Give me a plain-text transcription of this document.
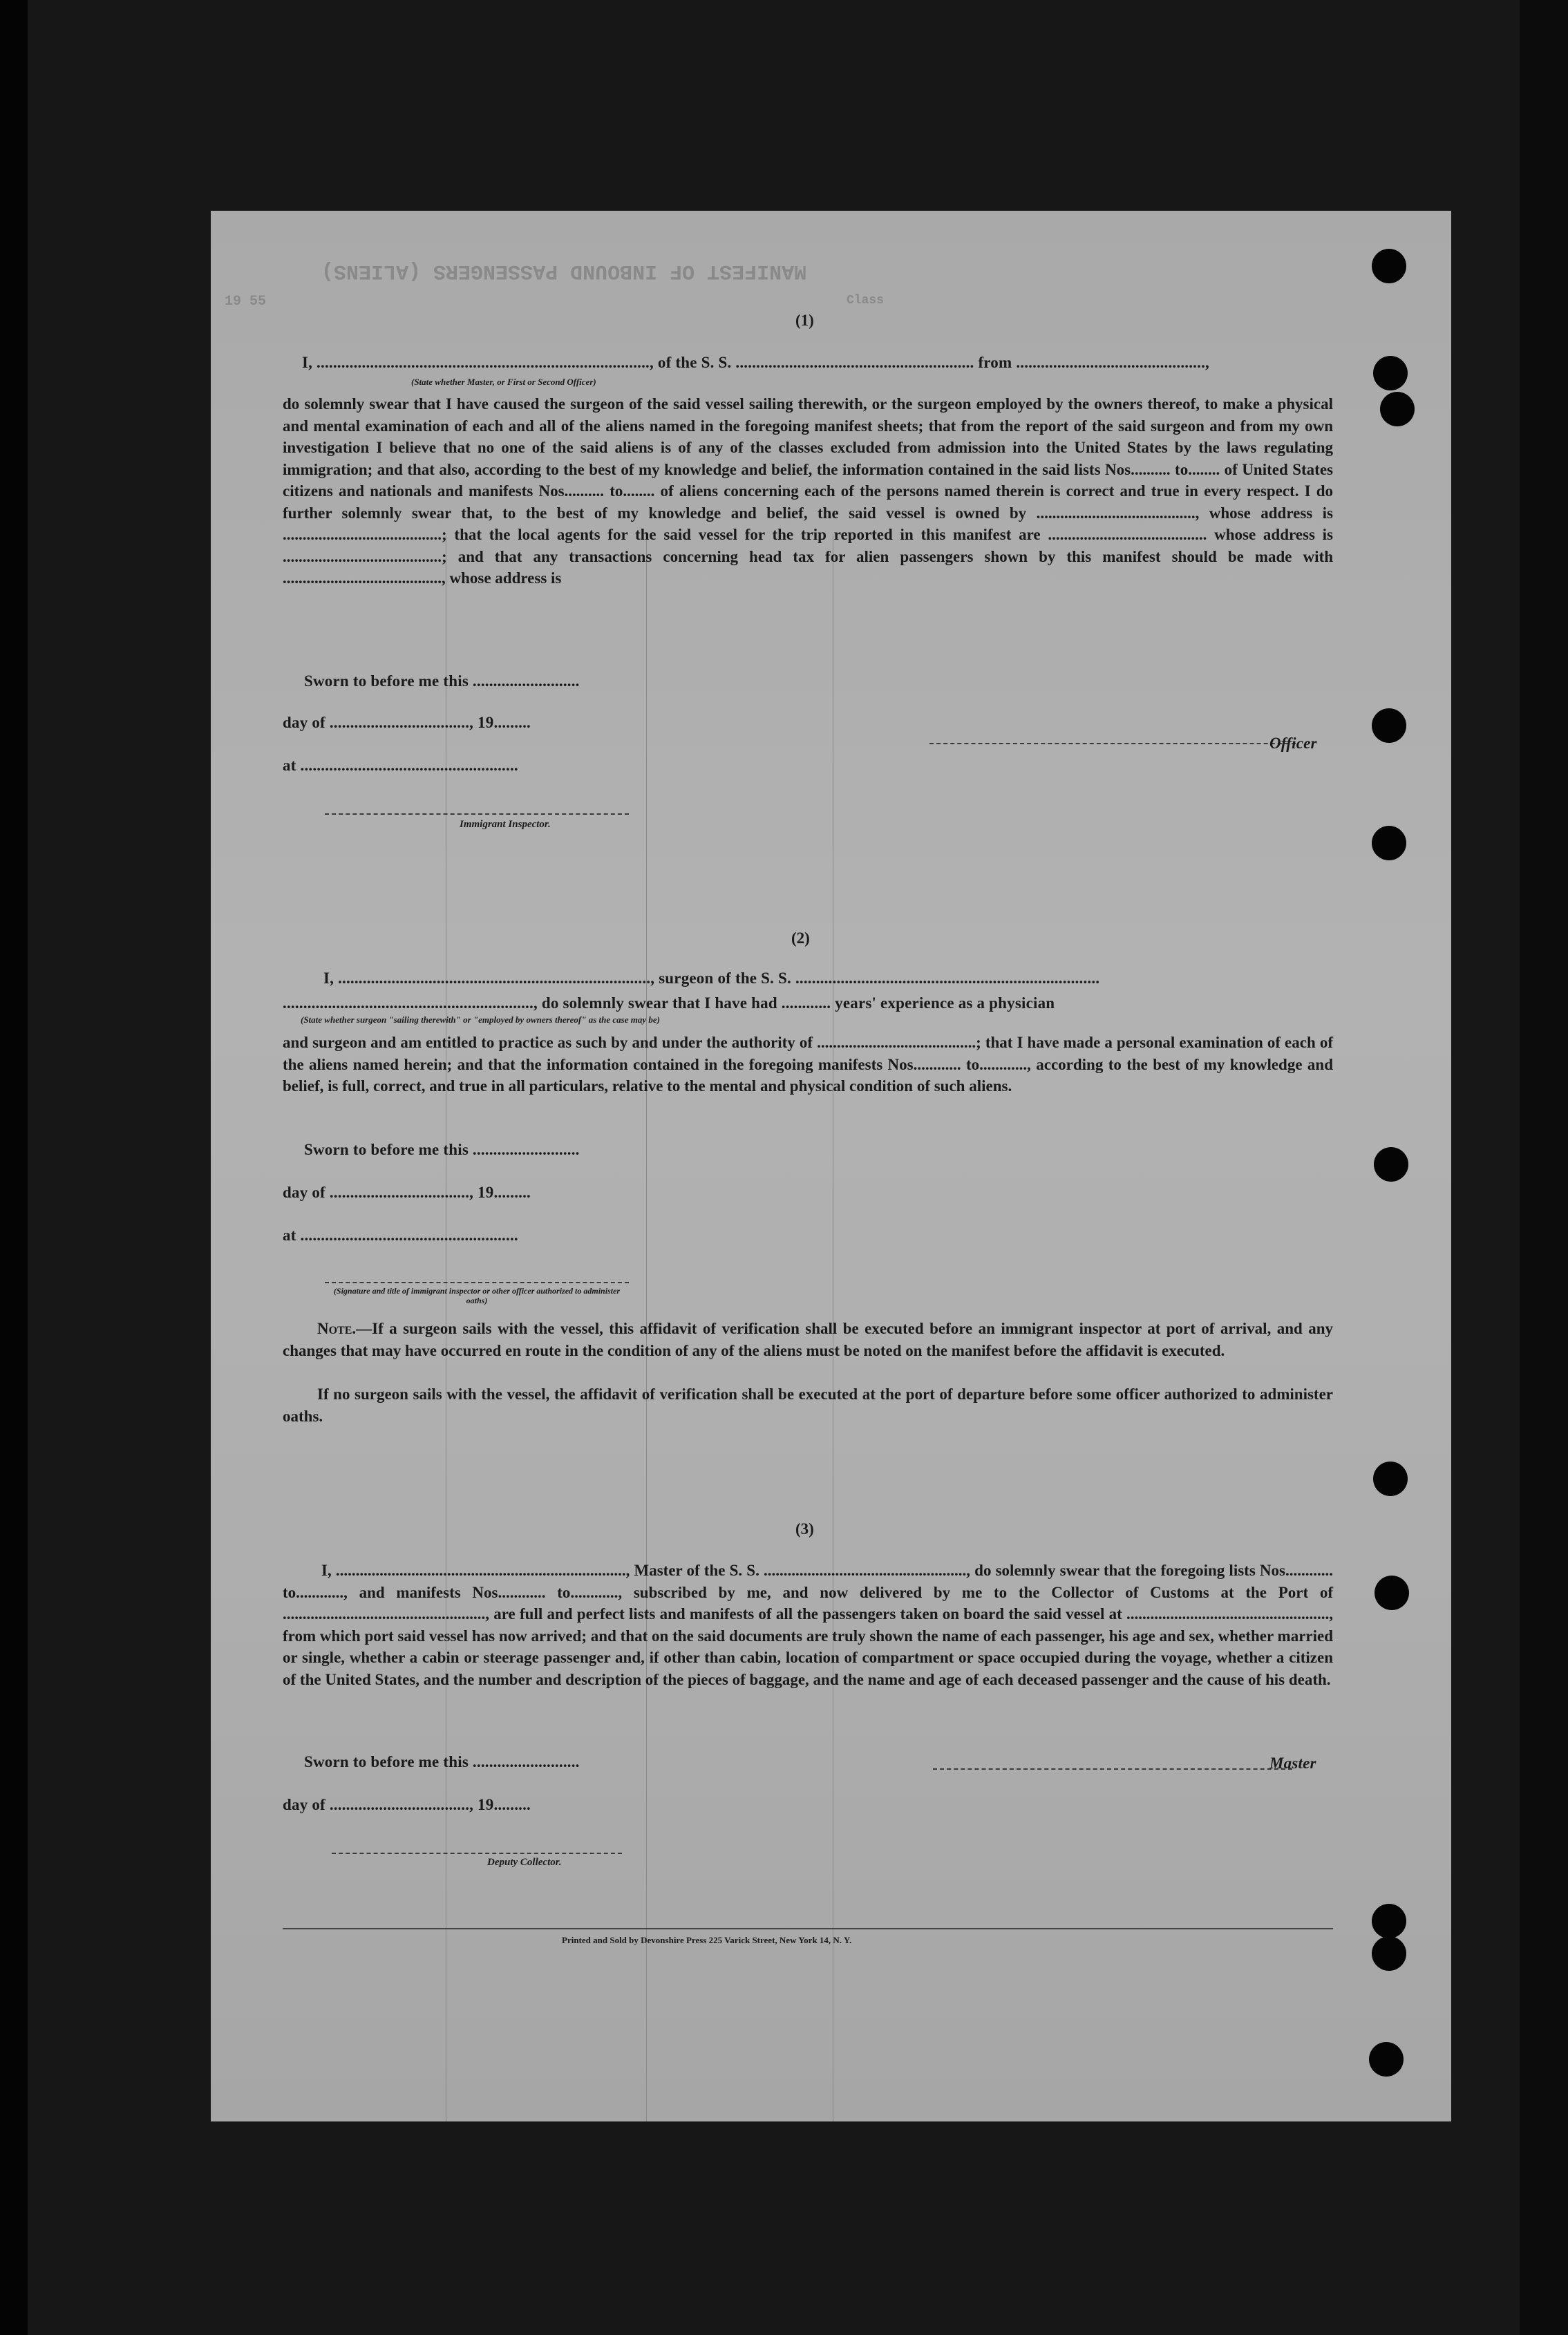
MANIFEST OF INBOUND PASSENGERS (ALIENS)
Class
19 55
(1)
I, ................................................................................., of the S. S. .......................................................... from ..............................................,
(State whether Master, or First or Second Officer)
do solemnly swear that I have caused the surgeon of the said vessel sailing therewith, or the surgeon employed by the owners thereof, to make a physical and mental examination of each and all of the aliens named in the foregoing manifest sheets; that from the report of the said surgeon and from my own investigation I believe that no one of the said aliens is of any of the classes excluded from admission into the United States by the laws regulating immigration; and that also, according to the best of my knowledge and belief, the information contained in the said lists Nos.......... to........ of United States citizens and nationals and manifests Nos.......... to........ of aliens concerning each of the persons named therein is correct and true in every respect. I do further solemnly swear that, to the best of my knowledge and belief, the said vessel is owned by ........................................, whose address is ........................................; that the local agents for the said vessel for the trip reported in this manifest are ........................................ whose address is ........................................; and that any transactions concerning head tax for alien passengers shown by this manifest should be made with ........................................, whose address is
Sworn to before me this ..........................
day of .................................., 19.........
at .....................................................
Immigrant Inspector.
Officer
(2)
I, ............................................................................, surgeon of the S. S. ..........................................................................
............................................................., do solemnly swear that I have had ............ years' experience as a physician
(State whether surgeon "sailing therewith" or "employed by owners thereof" as the case may be)
and surgeon and am entitled to practice as such by and under the authority of ........................................; that I have made a personal examination of each of the aliens named herein; and that the information contained in the foregoing manifests Nos............ to............, according to the best of my knowledge and belief, is full, correct, and true in all particulars, relative to the mental and physical condition of such aliens.
Sworn to before me this ..........................
day of .................................., 19.........
at .....................................................
(Signature and title of immigrant inspector or other officer authorized to administer oaths)
Note.—If a surgeon sails with the vessel, this affidavit of verification shall be executed before an immigrant inspector at port of arrival, and any changes that may have occurred en route in the condition of any of the aliens must be noted on the manifest before the affidavit is executed.
If no surgeon sails with the vessel, the affidavit of verification shall be executed at the port of departure before some officer authorized to administer oaths.
(3)
I, ........................................................................., Master of the S. S. ..................................................., do solemnly swear that the foregoing lists Nos............ to............, and manifests Nos............ to............, subscribed by me, and now delivered by me to the Collector of Customs at the Port of ..................................................., are full and perfect lists and manifests of all the passengers taken on board the said vessel at ..................................................., from which port said vessel has now arrived; and that on the said documents are truly shown the name of each passenger, his age and sex, whether married or single, whether a cabin or steerage passenger and, if other than cabin, location of compartment or space occupied during the voyage, whether a citizen of the United States, and the number and description of the pieces of baggage, and the name and age of each deceased passenger and the cause of his death.
Sworn to before me this ..........................
day of .................................., 19.........
Master
Deputy Collector.
Printed and Sold by Devonshire Press 225 Varick Street, New York 14, N. Y.
